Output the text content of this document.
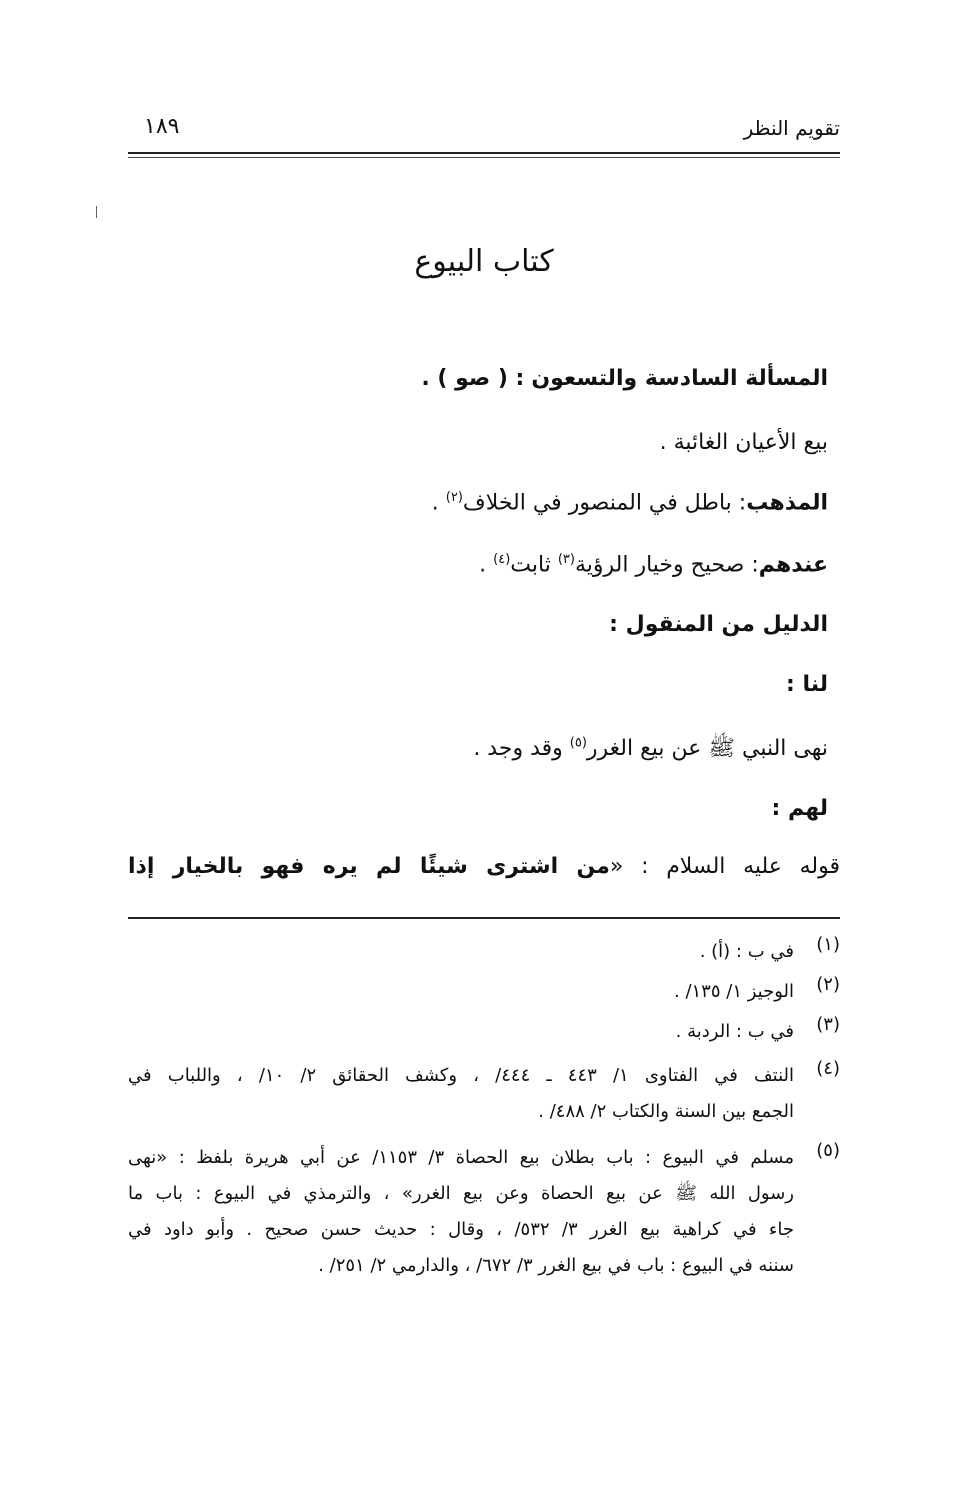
تقويم النظر
١٨٩
كتاب البيوع
المسألة السادسة والتسعون : ( صو ) .
بيع الأعيان الغائبة .
المذهب: باطل في المنصور في الخلاف$^{(٢)}$ .
عندهم: صحيح وخيار الرؤية$^{(٣)}$ ثابت$^{(٤)}$ .
الدليل من المنقول :
لنا :
نهى النبي ﷺ عن بيع الغرر$^{(٥)}$ وقد وجد .
لهم :
قوله عليه السلام : «من اشترى شيئًا لم يره فهو بالخيار إذا
(١)
في ب : (أ) .
(٢)
الوجيز ١/ ١٣٥/ .
(٣)
في ب : الردبة .
(٤)
النتف في الفتاوى ١/ ٤٤٣ ـ ٤٤٤/ ، وكشف الحقائق ٢/ ١٠/ ، واللباب في
الجمع بين السنة والكتاب ٢/ ٤٨٨/ .
(٥)
مسلم في البيوع : باب بطلان بيع الحصاة ٣/ ١١٥٣/ عن أبي هريرة بلفظ : «نهى
رسول الله ﷺ عن بيع الحصاة وعن بيع الغرر» ، والترمذي في البيوع : باب ما
جاء في كراهية بيع الغرر ٣/ ٥٣٢/ ، وقال : حديث حسن صحيح . وأبو داود في
سننه في البيوع : باب في بيع الغرر ٣/ ٦٧٢/ ، والدارمي ٢/ ٢٥١/ .
